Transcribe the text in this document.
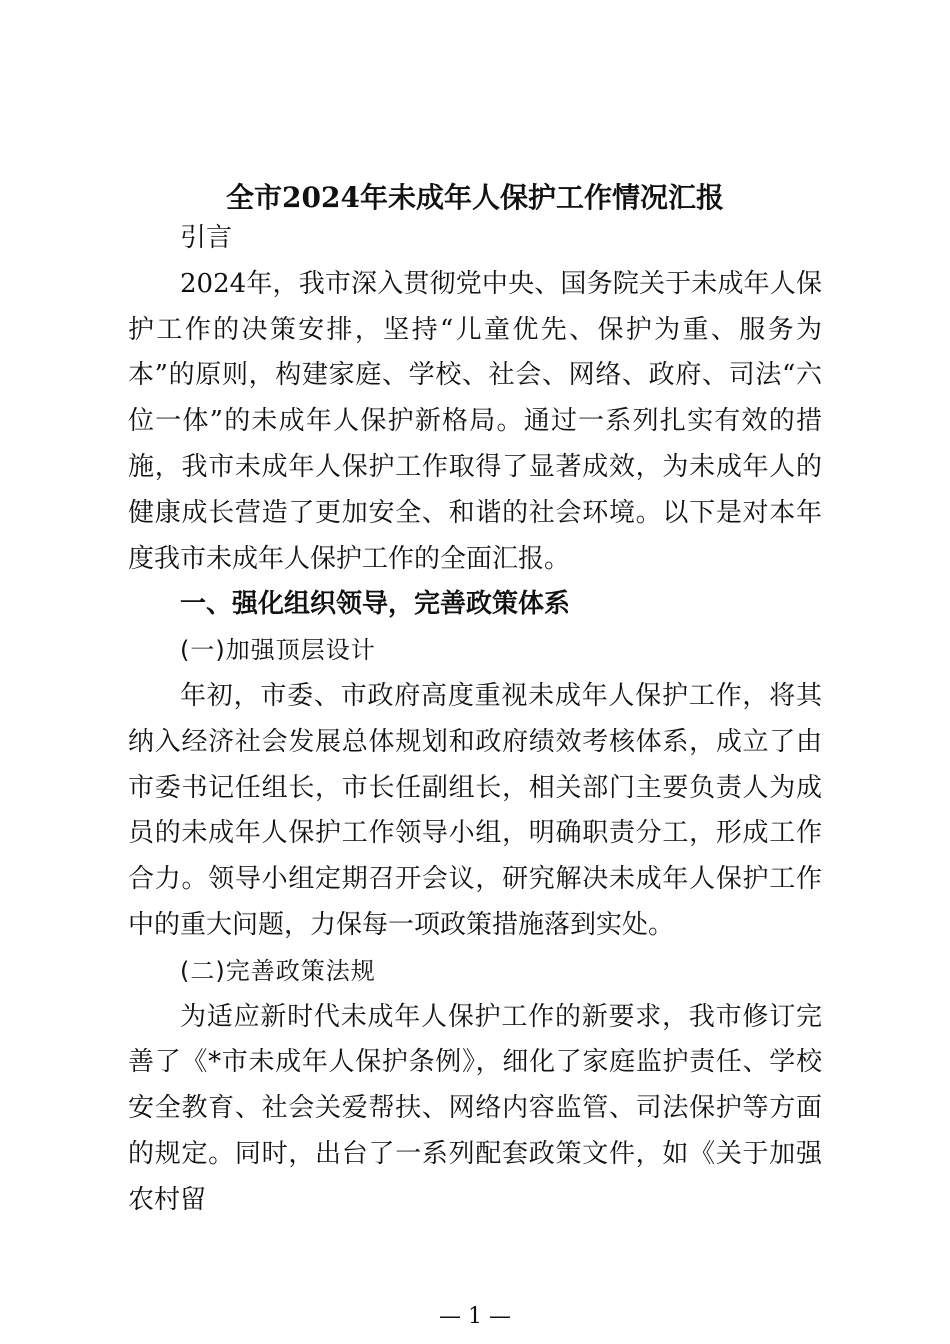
全市2024年未成年人保护工作情况汇报

引言

2024年，我市深入贯彻党中央、国务院关于未成年人保护工作的决策安排，坚持“儿童优先、保护为重、服务为本”的原则，构建家庭、学校、社会、网络、政府、司法“六位一体”的未成年人保护新格局。通过一系列扎实有效的措施，我市未成年人保护工作取得了显著成效，为未成年人的健康成长营造了更加安全、和谐的社会环境。以下是对本年度我市未成年人保护工作的全面汇报。

一、强化组织领导，完善政策体系

(一)加强顶层设计

年初，市委、市政府高度重视未成年人保护工作，将其纳入经济社会发展总体规划和政府绩效考核体系，成立了由市委书记任组长，市长任副组长，相关部门主要负责人为成员的未成年人保护工作领导小组，明确职责分工，形成工作合力。领导小组定期召开会议，研究解决未成年人保护工作中的重大问题，力保每一项政策措施落到实处。

(二)完善政策法规

为适应新时代未成年人保护工作的新要求，我市修订完善了《*市未成年人保护条例》，细化了家庭监护责任、学校安全教育、社会关爱帮扶、网络内容监管、司法保护等方面的规定。同时，出台了一系列配套政策文件，如《关于加强农村留

— 1 —
